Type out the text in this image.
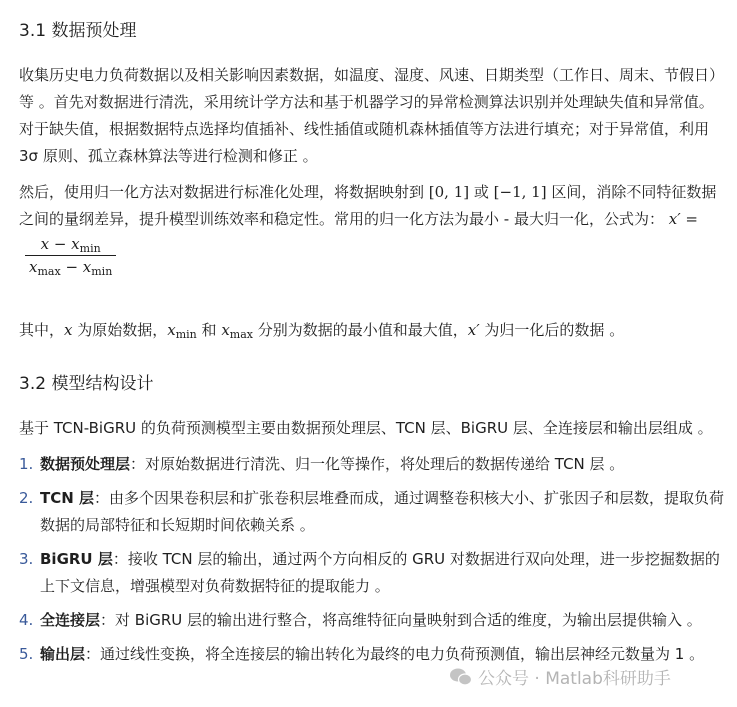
3.1 数据预处理

收集历史电力负荷数据以及相关影响因素数据，如温度、湿度、风速、日期类型（工作日、周末、节假日）等 。首先对数据进行清洗，采用统计学方法和基于机器学习的异常检测算法识别并处理缺失值和异常值。对于缺失值，根据数据特点选择均值插补、线性插值或随机森林插值等方法进行填充；对于异常值，利用 3σ 原则、孤立森林算法等进行检测和修正 。

然后，使用归一化方法对数据进行标准化处理，将数据映射到 [0, 1] 或 [−1, 1] 区间，消除不同特征数据之间的量纲差异，提升模型训练效率和稳定性。常用的归一化方法为最小 - 最大归一化，公式为： x′ =
$\frac{x - x_{min}}{x_{max} - x_{min}}$

其中，x 为原始数据，$x_{min}$ 和 $x_{max}$ 分别为数据的最小值和最大值，x′ 为归一化后的数据 。

3.2 模型结构设计

基于 TCN-BiGRU 的负荷预测模型主要由数据预处理层、TCN 层、BiGRU 层、全连接层和输出层组成 。

1. 数据预处理层：对原始数据进行清洗、归一化等操作，将处理后的数据传递给 TCN 层 。
2. TCN 层：由多个因果卷积层和扩张卷积层堆叠而成，通过调整卷积核大小、扩张因子和层数，提取负荷数据的局部特征和长短期时间依赖关系 。
3. BiGRU 层：接收 TCN 层的输出，通过两个方向相反的 GRU 对数据进行双向处理，进一步挖掘数据的上下文信息，增强模型对负荷数据特征的提取能力 。
4. 全连接层：对 BiGRU 层的输出进行整合，将高维特征向量映射到合适的维度，为输出层提供输入 。
5. 输出层：通过线性变换，将全连接层的输出转化为最终的电力负荷预测值，输出层神经元数量为 1 。
公众号 · Matlab科研助手
